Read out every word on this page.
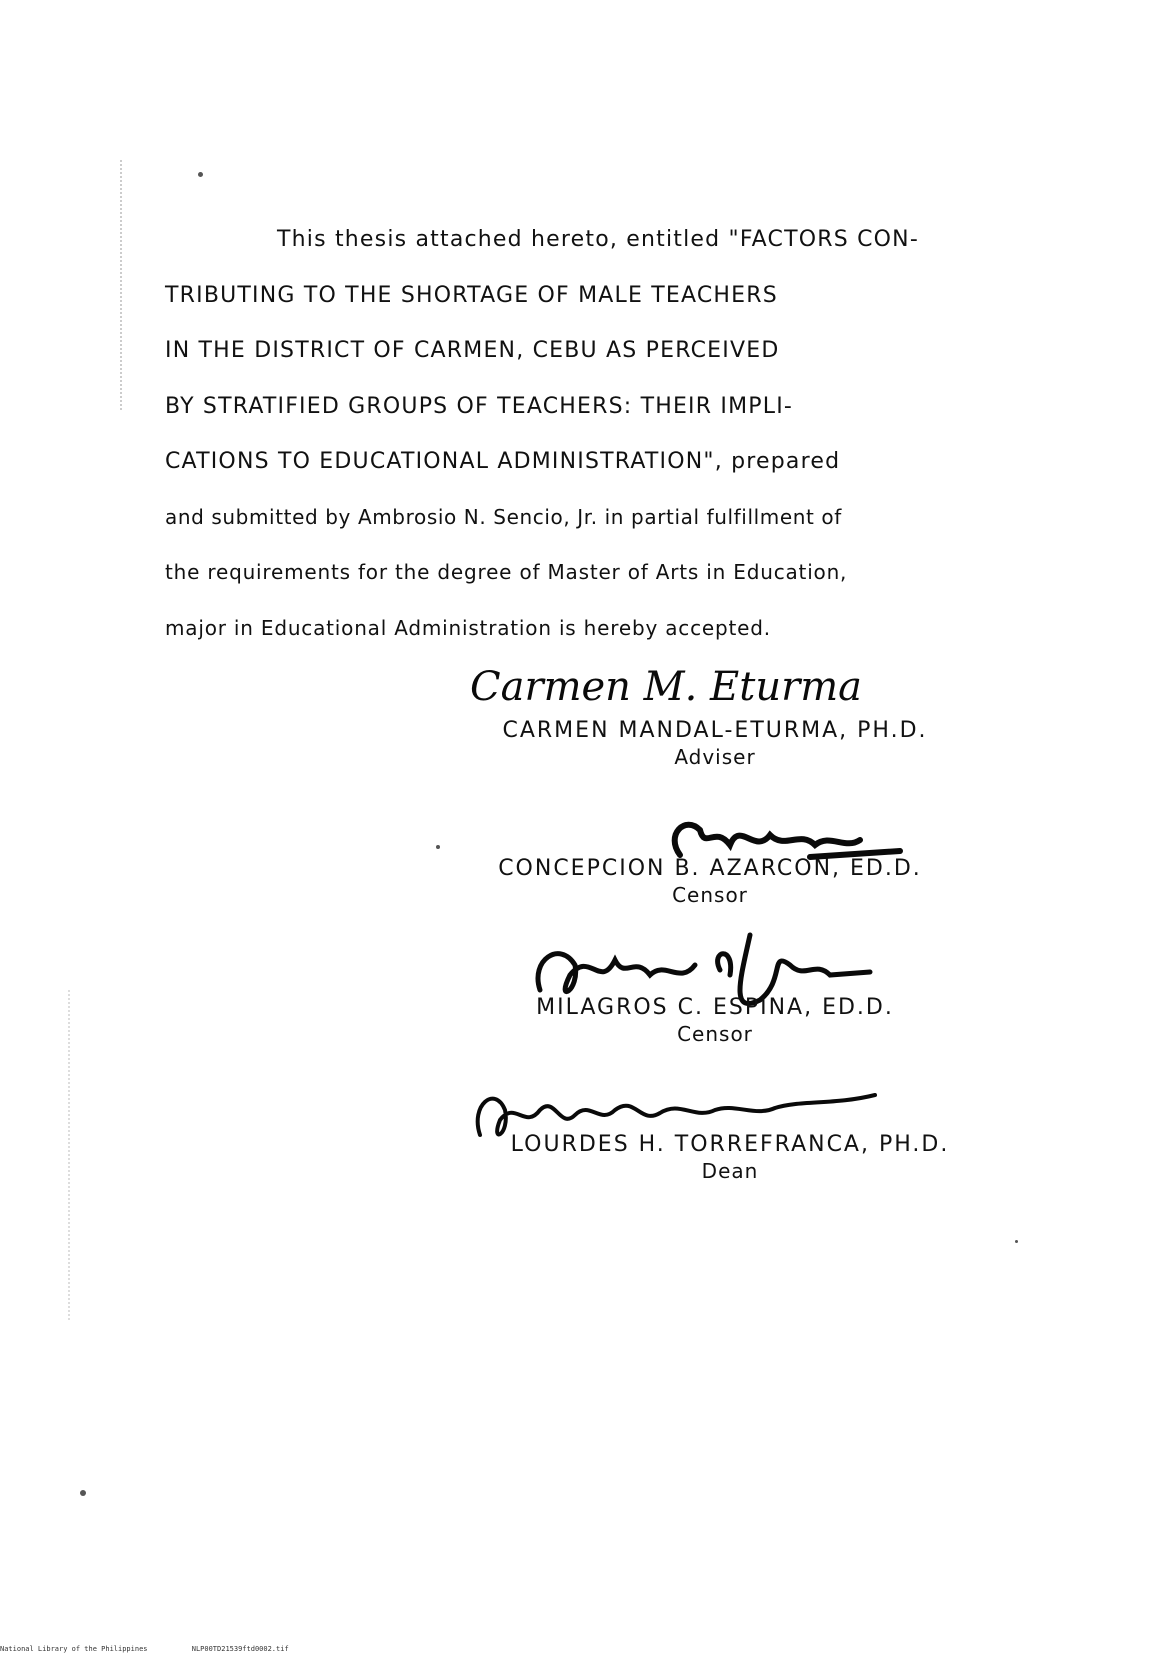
This thesis attached hereto, entitled "FACTORS CON-
TRIBUTING TO THE SHORTAGE OF MALE TEACHERS
IN THE DISTRICT OF CARMEN, CEBU AS PERCEIVED
BY STRATIFIED GROUPS OF TEACHERS: THEIR IMPLI-
CATIONS TO EDUCATIONAL ADMINISTRATION", prepared
and submitted by Ambrosio N. Sencio, Jr. in partial fulfillment of
the requirements for the degree of Master of Arts in Education,
major in Educational Administration is hereby accepted.
Carmen M. Eturma
CARMEN MANDAL-ETURMA, PH.D.
Adviser
CONCEPCION B. AZARCON, ED.D.
Censor
MILAGROS C. ESPINA, ED.D.
Censor
LOURDES H. TORREFRANCA, PH.D.
Dean
National Library of the Philippines	NLP00TD21539ftd0002.tif
